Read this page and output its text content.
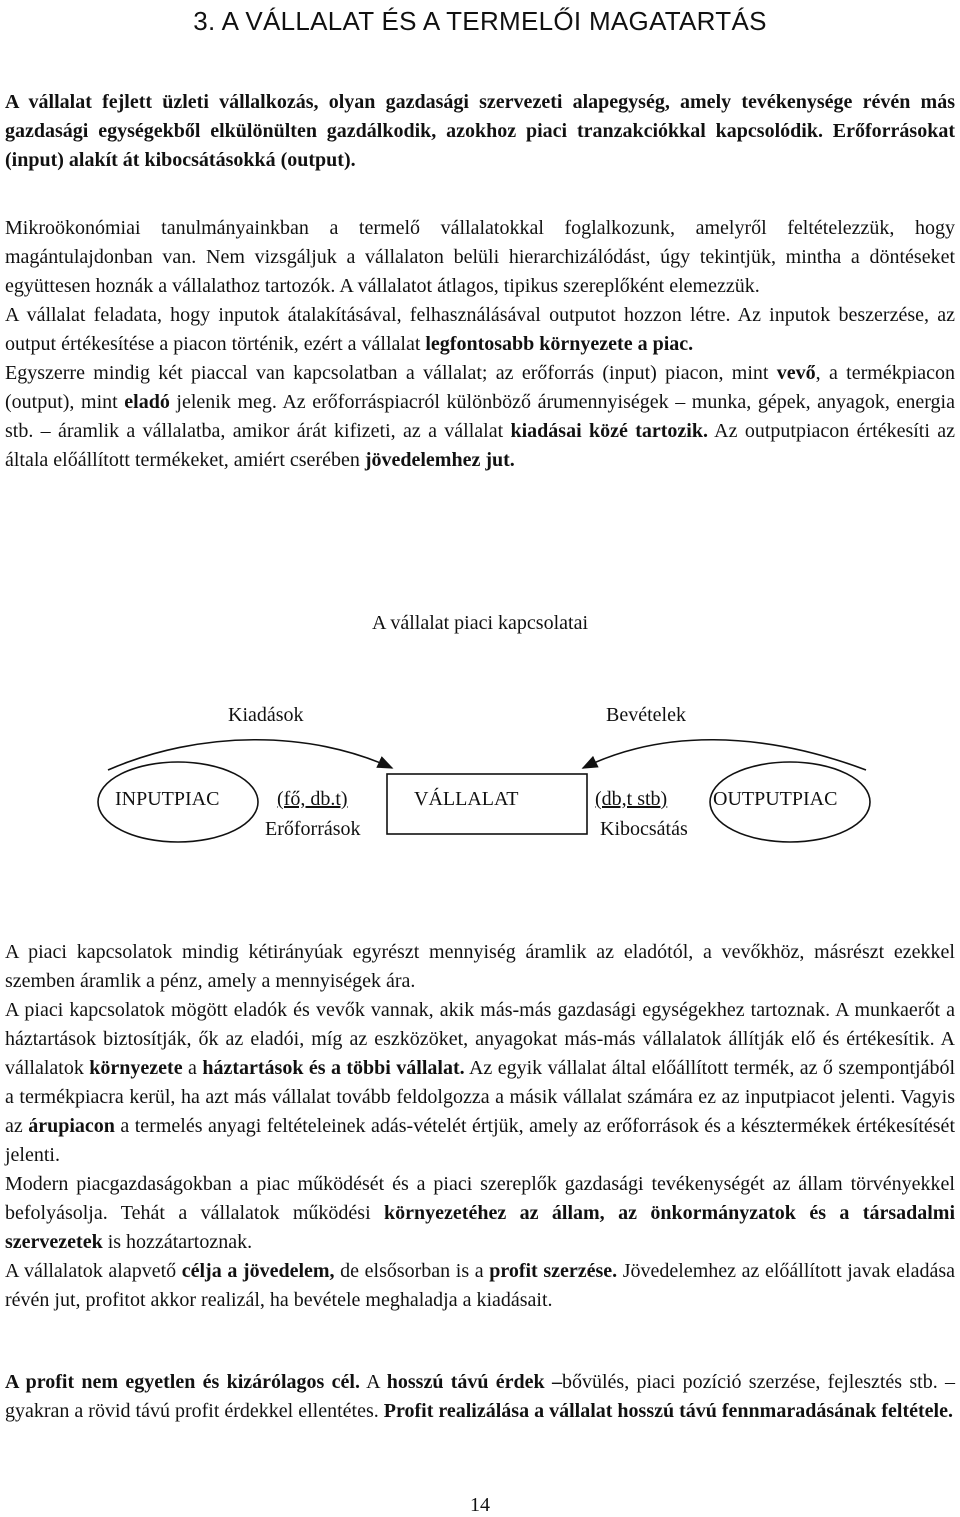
3. A VÁLLALAT ÉS A TERMELŐI MAGATARTÁS

A vállalat fejlett üzleti vállalkozás, olyan gazdasági szervezeti alapegység, amely tevékenysége révén más gazdasági egységekből elkülönülten gazdálkodik, azokhoz piaci tranzakciókkal kapcsolódik. Erőforrásokat (input) alakít át kibocsátásokká (output).

Mikroökonómiai tanulmányainkban a termelő vállalatokkal foglalkozunk, amelyről feltételezzük, hogy magántulajdonban van. Nem vizsgáljuk a vállalaton belüli hierarchizálódást, úgy tekintjük, mintha a döntéseket együttesen hoznák a vállalathoz tartozók. A vállalatot átlagos, tipikus szereplőként elemezzük.

A vállalat feladata, hogy inputok átalakításával, felhasználásával outputot hozzon létre. Az inputok beszerzése, az output értékesítése a piacon történik, ezért a vállalat legfontosabb környezete a piac.

Egyszerre mindig két piaccal van kapcsolatban a vállalat; az erőforrás (input) piacon, mint vevő, a termékpiacon (output), mint eladó jelenik meg. Az erőforráspiacról különböző árumennyiségek – munka, gépek, anyagok, energia stb. – áramlik a vállalatba, amikor árát kifizeti, az a vállalat kiadásai közé tartozik. Az outputpiacon értékesíti az általa előállított termékeket, amiért cserében jövedelemhez jut.

A vállalat piaci kapcsolatai
Kiadások	Bevételek
INPUTPIAC	(fő, db.t)	VÁLLALAT	(db,t stb) OUTPUTPIAC
Erőforrások	Kibocsátás

A piaci kapcsolatok mindig kétirányúak egyrészt mennyiség áramlik az eladótól, a vevőkhöz, másrészt ezekkel szemben áramlik a pénz, amely a mennyiségek ára.

A piaci kapcsolatok mögött eladók és vevők vannak, akik más-más gazdasági egységekhez tartoznak. A munkaerőt a háztartások biztosítják, ők az eladói, míg az eszközöket, anyagokat más-más vállalatok állítják elő és értékesítik. A vállalatok környezete a háztartások és a többi vállalat. Az egyik vállalat által előállított termék, az ő szempontjából a termékpiacra kerül, ha azt más vállalat tovább feldolgozza a másik vállalat számára ez az inputpiacot jelenti. Vagyis az árupiacon a termelés anyagi feltételeinek adás-vételét értjük, amely az erőforrások és a késztermékek értékesítését jelenti.

Modern piacgazdaságokban a piac működését és a piaci szereplők gazdasági tevékenységét az állam törvényekkel befolyásolja. Tehát a vállalatok működési környezetéhez az állam, az önkormányzatok és a társadalmi szervezetek is hozzátartoznak.

A vállalatok alapvető célja a jövedelem, de elsősorban is a profit szerzése. Jövedelemhez az előállított javak eladása révén jut, profitot akkor realizál, ha bevétele meghaladja a kiadásait.

A profit nem egyetlen és kizárólagos cél. A hosszú távú érdek –bővülés, piaci pozíció szerzése, fejlesztés stb. – gyakran a rövid távú profit érdekkel ellentétes. Profit realizálása a vállalat hosszú távú fennmaradásának feltétele.

14
